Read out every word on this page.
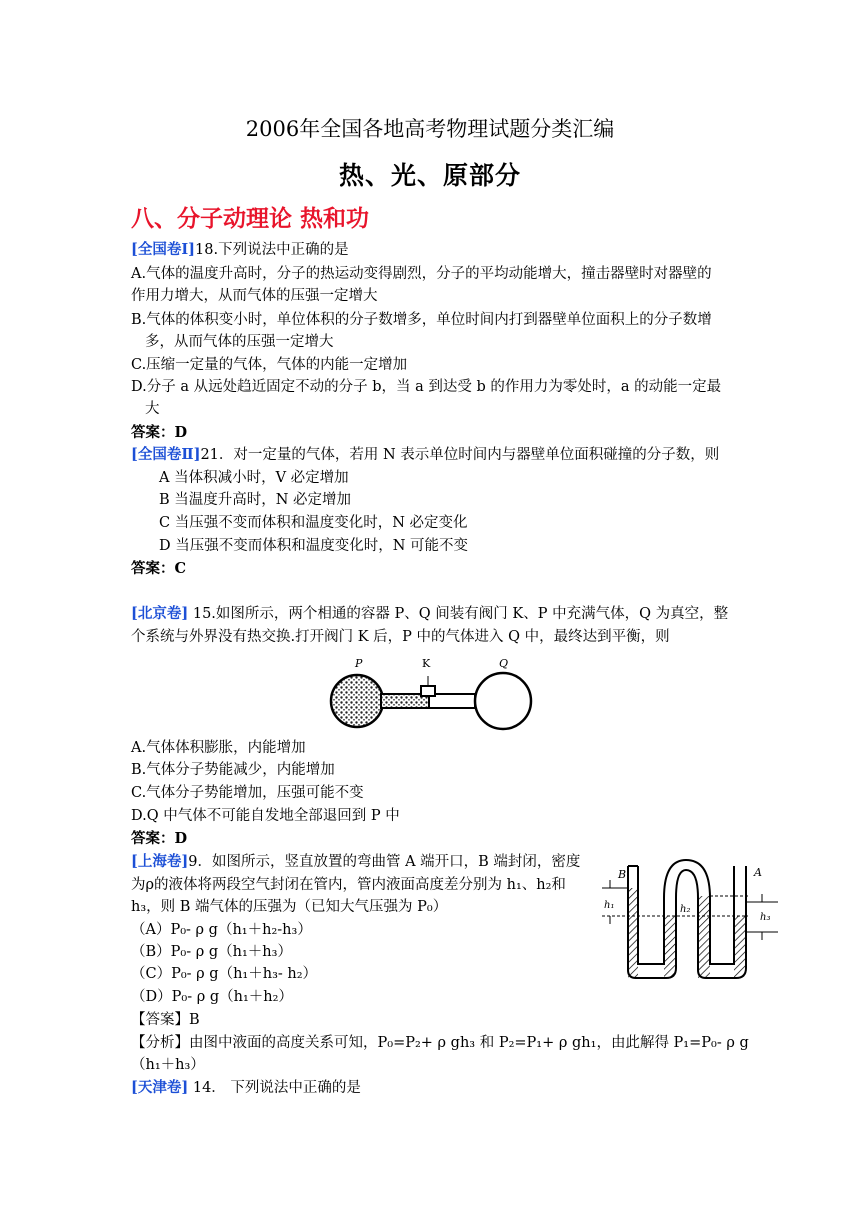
2006年全国各地高考物理试题分类汇编
热、光、原部分
八、分子动理论 热和功
[全国卷Ⅰ]18.下列说法中正确的是
A.气体的温度升高时，分子的热运动变得剧烈，分子的平均动能增大，撞击器壁时对器壁的
作用力增大，从而气体的压强一定增大
B.气体的体积变小时，单位体积的分子数增多，单位时间内打到器壁单位面积上的分子数增
多，从而气体的压强一定增大
C.压缩一定量的气体，气体的内能一定增加
D.分子 a 从远处趋近固定不动的分子 b，当 a 到达受 b 的作用力为零处时，a 的动能一定最
大
答案：D
[全国卷Ⅱ]21．对一定量的气体，若用 N 表示单位时间内与器壁单位面积碰撞的分子数，则
A 当体积减小时，V 必定增加
B 当温度升高时，N 必定增加
C 当压强不变而体积和温度变化时，N 必定变化
D 当压强不变而体积和温度变化时，N 可能不变
答案：C
[北京卷] 15.如图所示，两个相通的容器 P、Q 间装有阀门 K、P 中充满气体，Q 为真空，整
个系统与外界没有热交换.打开阀门 K 后，P 中的气体进入 Q 中，最终达到平衡，则
P	K	Q
A.气体体积膨胀，内能增加
B.气体分子势能减少，内能增加
C.气体分子势能增加，压强可能不变
D.Q 中气体不可能自发地全部退回到 P 中
答案：D
[上海卷]9．如图所示，竖直放置的弯曲管 A 端开口，B 端封闭，密度
为ρ的液体将两段空气封闭在管内，管内液面高度差分别为 h₁、h₂和
h₃，则 B 端气体的压强为（已知大气压强为 P₀）
（A）P₀- ρ g（h₁＋h₂-h₃）
（B）P₀- ρ g（h₁＋h₃）
（C）P₀- ρ g（h₁＋h₃- h₂）
（D）P₀- ρ g（h₁＋h₂）
【答案】B
【分析】由图中液面的高度关系可知，P₀=P₂+ ρ gh₃ 和 P₂=P₁+ ρ gh₁，由此解得 P₁=P₀- ρ g
（h₁＋h₃）
B	A
h₁	h₂
h₃
[天津卷] 14． 下列说法中正确的是
